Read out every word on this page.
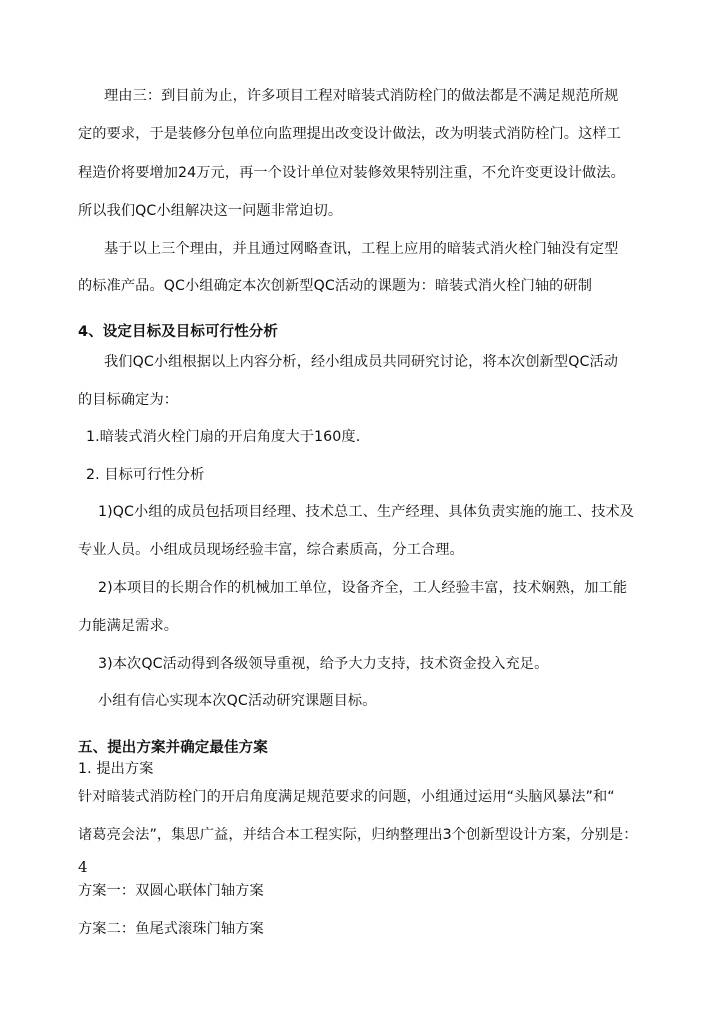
理由三：到目前为止，许多项目工程对暗装式消防栓门的做法都是不满足规范所规
定的要求，于是装修分包单位向监理提出改变设计做法，改为明装式消防栓门。这样工
程造价将要增加24万元，再一个设计单位对装修效果特别注重，不允许变更设计做法。
所以我们QC小组解决这一问题非常迫切。
基于以上三个理由，并且通过网略查讯，工程上应用的暗装式消火栓门轴没有定型
的标准产品。QC小组确定本次创新型QC活动的课题为：暗装式消火栓门轴的研制
4、设定目标及目标可行性分析
我们QC小组根据以上内容分析，经小组成员共同研究讨论，将本次创新型QC活动
的目标确定为：
1.暗装式消火栓门扇的开启角度大于160度.
2. 目标可行性分析
1)QC小组的成员包括项目经理、技术总工、生产经理、具体负责实施的施工、技术及
专业人员。小组成员现场经验丰富，综合素质高，分工合理。
2)本项目的长期合作的机械加工单位，设备齐全，工人经验丰富，技术娴熟，加工能
力能满足需求。
3)本次QC活动得到各级领导重视，给予大力支持，技术资金投入充足。
小组有信心实现本次QC活动研究课题目标。
五、提出方案并确定最佳方案
1. 提出方案
针对暗装式消防栓门的开启角度满足规范要求的问题，小组通过运用“头脑风暴法”和“
诸葛亮会法”，集思广益，并结合本工程实际，归纳整理出3个创新型设计方案，分别是：
4
方案一：双圆心联体门轴方案
方案二：鱼尾式滚珠门轴方案
